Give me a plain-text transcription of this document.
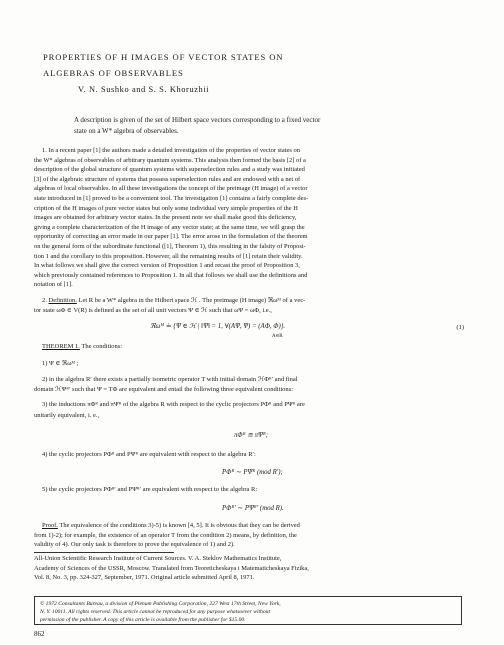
PROPERTIES OF H IMAGES OF VECTOR STATES ON
ALGEBRAS OF OBSERVABLES
V. N. Sushko and S. S. Khoruzhii
A description is given of the set of Hilbert space vectors corresponding to a fixed vector
state on a W* algebra of observables.
1. In a recent paper [1] the authors made a detailed investigation of the properties of vector states on
the W* algebras of observables of arbitrary quantum systems. This analysis then formed the basis [2] of a
description of the global structure of quantum systems with superselection rules and a study was initiated
[3] of the algebraic structure of systems that possess superselection rules and are endowed with a net of
algebras of local observables. In all these investigations the concept of the preimage (H image) of a vector
state introduced in [1] proved to be a convenient tool. The investigation [1] contains a fairly complete des-
cription of the H images of pure vector states but only some individual very simple properties of the H
images are obtained for arbitrary vector states. In the present note we shall make good this deficiency,
giving a complete characterization of the H image of any vector state; at the same time, we will grasp the
opportunity of correcting an error made in our paper [1]. The error arose in the formulation of the theorem
on the general form of the subordinate functional ([1], Theorem 1), this resulting in the falsity of Proposi-
tion 1 and the corollary to this proposition. However, all the remaining results of [1] retain their validity.
In what follows we shall give the correct version of Proposition 1 and recast the proof of Proposition 3,
which previously contained references to Proposition 1. In all that follows we shall use the definitions and
notation of [1].
2. Definition. Let R be a W* algebra in the Hilbert space ℋ . The preimage (H image) ℜωᴹ of a vec-
tor state ωΦ ∈ V(R) is defined as the set of all unit vectors Ψ ∈ ℋ such that ωΨ = ωΦ, i.e.,
ℜωᴹ ≐ {Ψ ∈ ℋ | ‖Ψ‖ = 1, ∀(AΨ, Ψ) = (AΦ, Φ)}.
A∈R
(1)
THEOREM 1. The conditions:
1) Ψ ∈ ℜωᴹ ;
2) in the algebra R′ there exists a partially isometric operator T with initial domain ℋΦᴿ′ and final
domain ℋΨᴿ′ such that Ψ = TΦ are equivalent and entail the following three equivalent conditions:
3) the inductions πΦᴿ and πΨᴿ of the algebra R with respect to the cyclic projectors PΦᴿ and PΨᴿ are
unitarily equivalent, i. e.,
πΦᴿ ≅ πΨᴿ;
4) the cyclic projectors PΦᴿ and PΨᴿ are equivalent with respect to the algebra R′:
PΦᴿ ∼ PΨᴿ (mod R′);
5) the cyclic projectors PΦᴿ′ and PΨᴿ′ are equivalent with respect to the algebra R:
PΦᴿ′ ∼ PΨᴿ′ (mod R).
Proof. The equivalence of the conditions 3)-5) is known [4, 5]. It is obvious that they can be derived
from 1)-2); for example, the existence of an operator T from the condition 2) means, by definition, the
validity of 4). Our only task is therefore to prove the equivalence of 1) and 2).
All-Union Scientific Research Institute of Current Sources. V. A. Steklov Mathematics Institute,
Academy of Sciences of the USSR, Moscow. Translated from Teoreticheskaya i Matematicheskaya Fizika,
Vol. 8, No. 3, pp. 324-327, September, 1971. Original article submitted April 8, 1971.
© 1972 Consultants Bureau, a division of Plenum Publishing Corporation, 227 West 17th Street, New York,
N. Y. 10011. All rights reserved. This article cannot be reproduced for any purpose whatsoever without
permission of the publisher. A copy of this article is available from the publisher for $15.00.
862
